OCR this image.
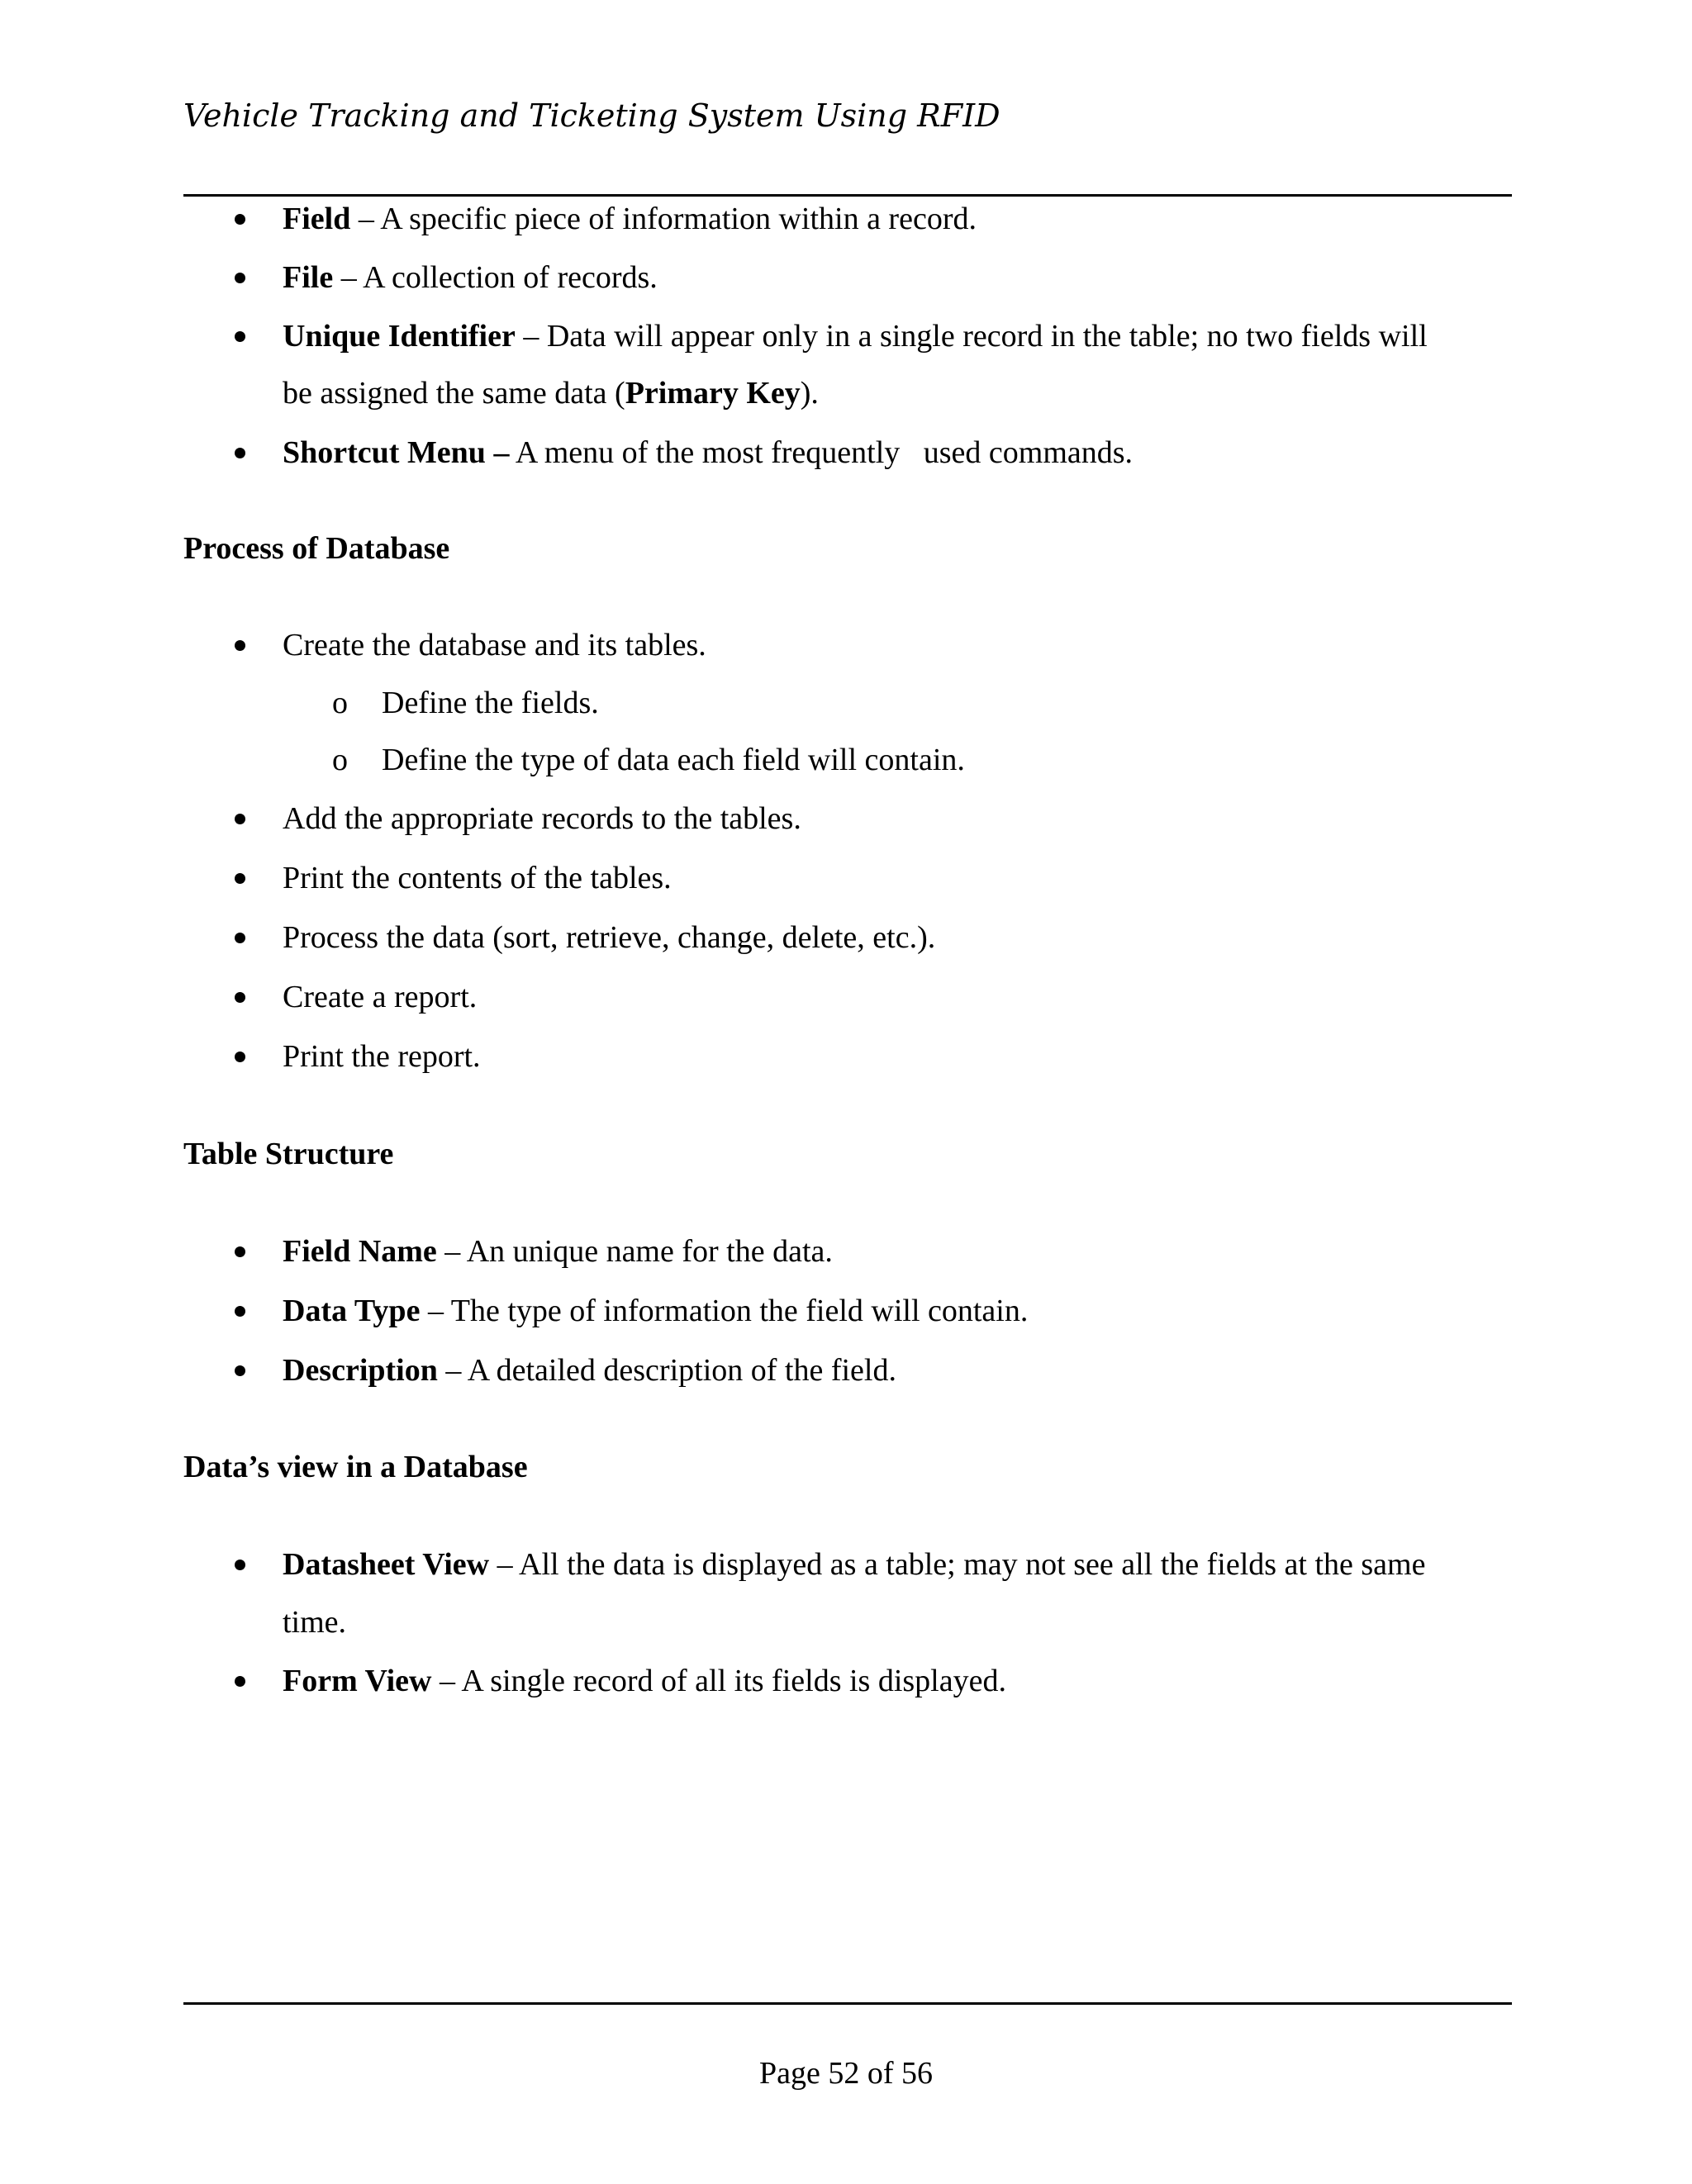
Vehicle Tracking and Ticketing System Using RFID
Field – A specific piece of information within a record.
File – A collection of records.
Unique Identifier – Data will appear only in a single record in the table; no two fields will
be assigned the same data (Primary Key).
Shortcut Menu – A menu of the most frequently   used commands.
Process of Database
Create the database and its tables.
o Define the fields.
o Define the type of data each field will contain.
Add the appropriate records to the tables.
Print the contents of the tables.
Process the data (sort, retrieve, change, delete, etc.).
Create a report.
Print the report.
Table Structure
Field Name – An unique name for the data.
Data Type – The type of information the field will contain.
Description – A detailed description of the field.
Data’s view in a Database
Datasheet View – All the data is displayed as a table; may not see all the fields at the same
time.
Form View – A single record of all its fields is displayed.
Page 52 of 56
